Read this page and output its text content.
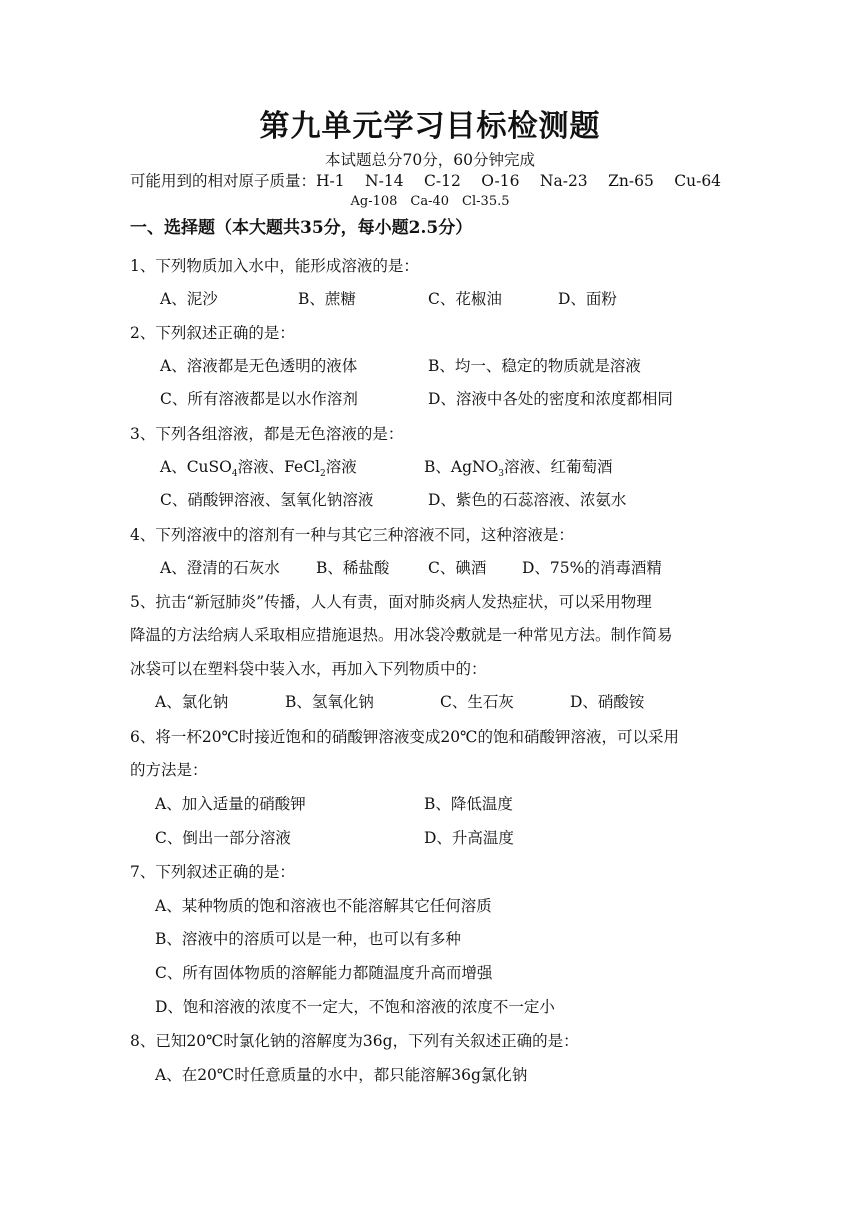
第九单元学习目标检测题
本试题总分70分，60分钟完成
可能用到的相对原子质量：H-1　 N-14　 C-12　 O-16　 Na-23　 Zn-65　 Cu-64
Ag-108　Ca-40　Cl-35.5
一、选择题（本大题共35分，每小题2.5分）
1、下列物质加入水中，能形成溶液的是：
A、泥沙	B、蔗糖	C、花椒油	D、面粉
2、下列叙述正确的是：
A、溶液都是无色透明的液体	B、均一、稳定的物质就是溶液
C、所有溶液都是以水作溶剂	D、溶液中各处的密度和浓度都相同
3、下列各组溶液，都是无色溶液的是：
A、CuSO$_4$溶液、FeCl$_2$溶液	B、AgNO$_3$溶液、红葡萄酒
C、硝酸钾溶液、氢氧化钠溶液	D、紫色的石蕊溶液、浓氨水
4、下列溶液中的溶剂有一种与其它三种溶液不同，这种溶液是：
A、澄清的石灰水 B、稀盐酸 C、碘酒 D、75%的消毒酒精
5、抗击“新冠肺炎”传播，人人有责，面对肺炎病人发热症状，可以采用物理
降温的方法给病人采取相应措施退热。用冰袋冷敷就是一种常见方法。制作简易
冰袋可以在塑料袋中装入水，再加入下列物质中的：
A、氯化钠	B、氢氧化钠	C、生石灰	D、硝酸铵
6、将一杯20℃时接近饱和的硝酸钾溶液变成20℃的饱和硝酸钾溶液，可以采用
的方法是：
A、加入适量的硝酸钾	B、降低温度
C、倒出一部分溶液	D、升高温度
7、下列叙述正确的是：
A、某种物质的饱和溶液也不能溶解其它任何溶质
B、溶液中的溶质可以是一种，也可以有多种
C、所有固体物质的溶解能力都随温度升高而增强
D、饱和溶液的浓度不一定大，不饱和溶液的浓度不一定小
8、已知20℃时氯化钠的溶解度为36g，下列有关叙述正确的是：
A、在20℃时任意质量的水中，都只能溶解36g氯化钠
